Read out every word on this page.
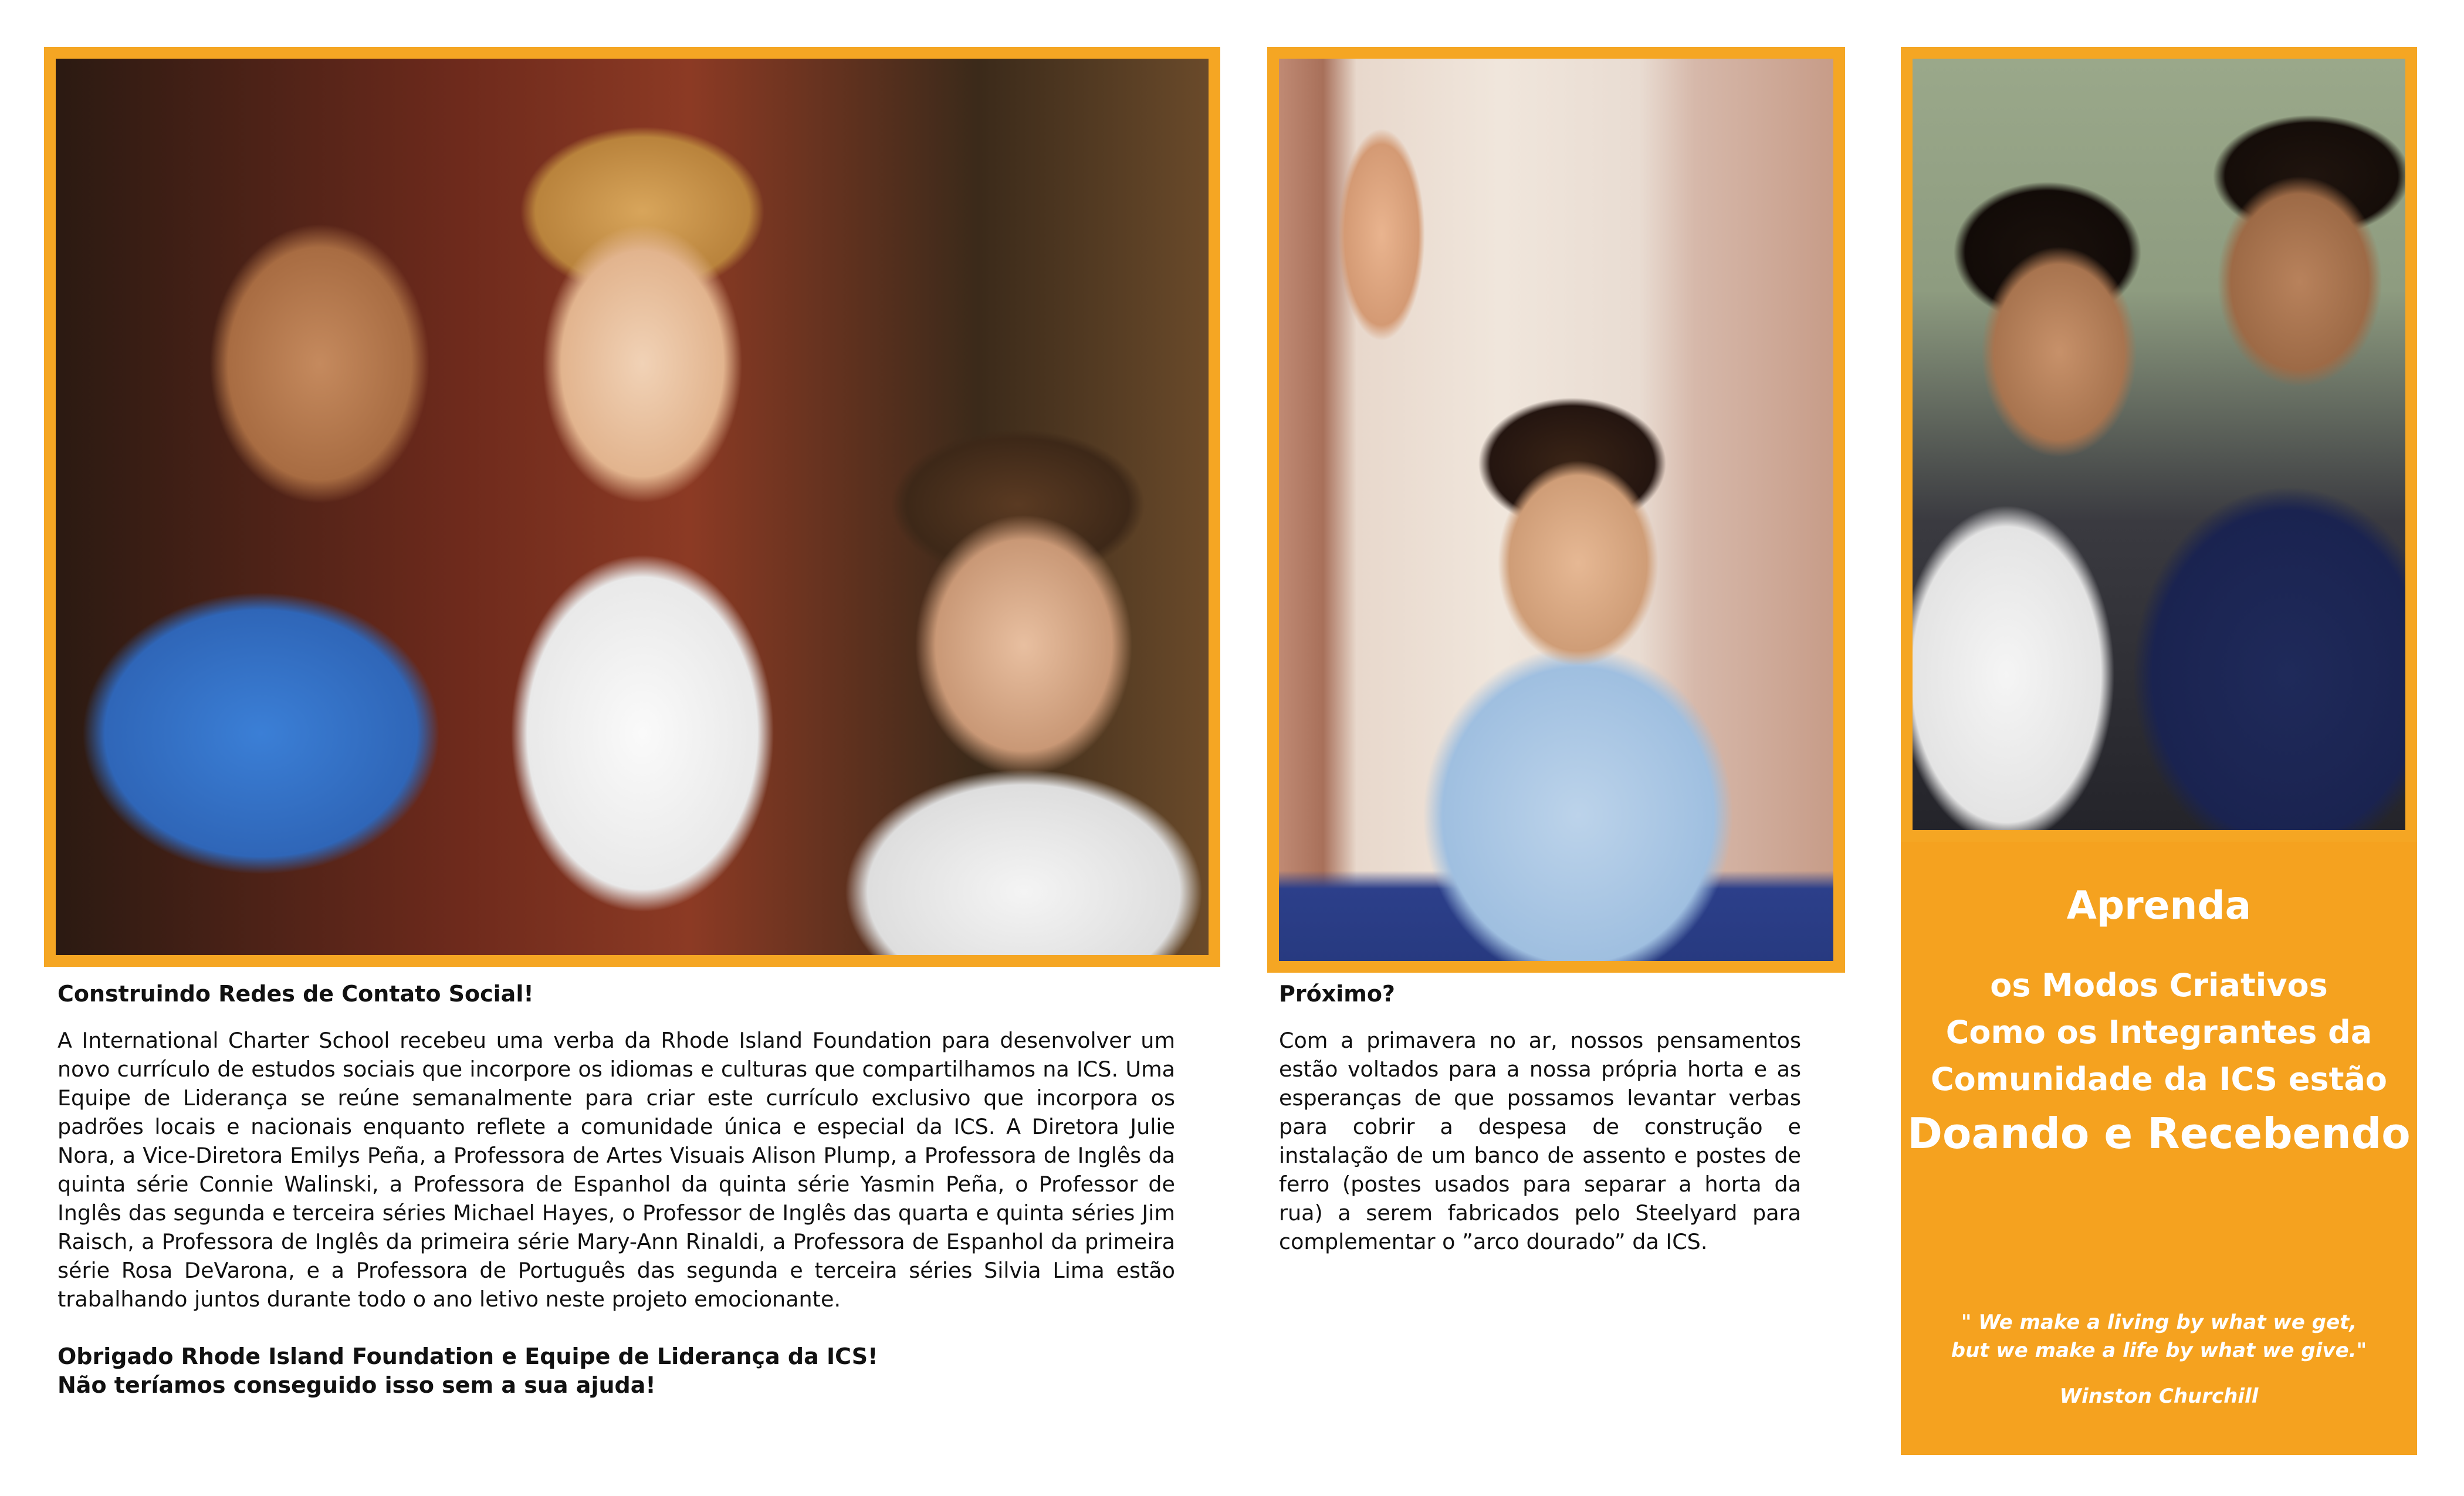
Aprenda
os Modos Criativos
Como os Integrantes da
Comunidade da ICS estão
Doando e Recebendo
" We make a living by what we get,
but we make a life by what we give."
Winston Churchill

Construindo Redes de Contato Social!

A International Charter School recebeu uma verba da Rhode Island Foundation para desenvolver um novo currículo de estudos sociais que incorpore os idiomas e culturas que compartilhamos na ICS. Uma Equipe de Liderança se reúne semanalmente para criar este currículo exclusivo que incorpora os padrões locais e nacionais enquanto reflete a comunidade única e especial da ICS. A Diretora Julie Nora, a Vice-Diretora Emilys Peña, a Professora de Artes Visuais Alison Plump, a Professora de Inglês da quinta série Connie Walinski, a Professora de Espanhol da quinta série Yasmin Peña, o Professor de Inglês das segunda e terceira séries Michael Hayes, o Professor de Inglês das quarta e quinta séries Jim Raisch, a Professora de Inglês da primeira série Mary-Ann Rinaldi, a Professora de Espanhol da primeira série Rosa DeVarona, e a Professora de Português das segunda e terceira séries Silvia Lima estão trabalhando juntos durante todo o ano letivo neste projeto emocionante.

Obrigado Rhode Island Foundation e Equipe de Liderança da ICS!
Não teríamos conseguido isso sem a sua ajuda!

Próximo?

Com a primavera no ar, nossos pensamentos estão voltados para a nossa própria horta e as esperanças de que possamos levantar verbas para cobrir a despesa de construção e instalação de um banco de assento e postes de ferro (postes usados para separar a horta da rua) a serem fabricados pelo Steelyard para complementar o ”arco dourado” da ICS.
